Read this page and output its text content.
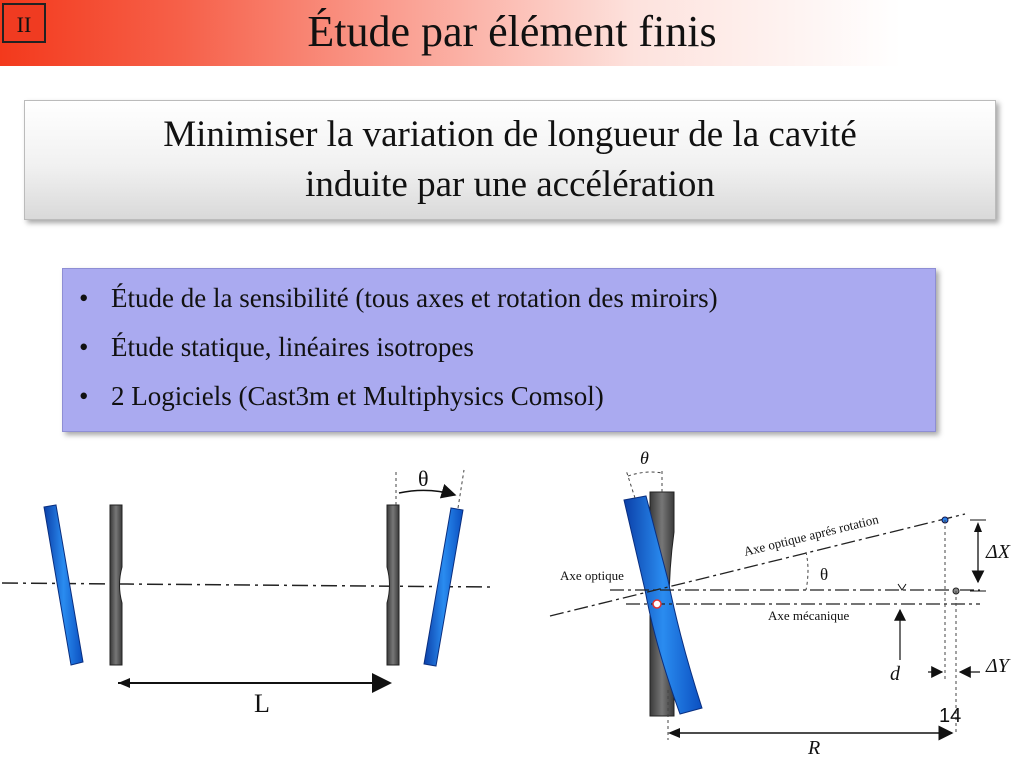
II	Étude par élément finis
Minimiser la variation de longueur de la cavité
induite par une accélération
• Étude de la sensibilité (tous axes et rotation des miroirs)
• Étude statique, linéaires isotropes
• 2 Logiciels (Cast3m et Multiphysics Comsol)
θ
L
θ
Axe optique
Axe optique aprés rotation
Axe mécanique
θ
ΔX
ΔY
d
R
14
